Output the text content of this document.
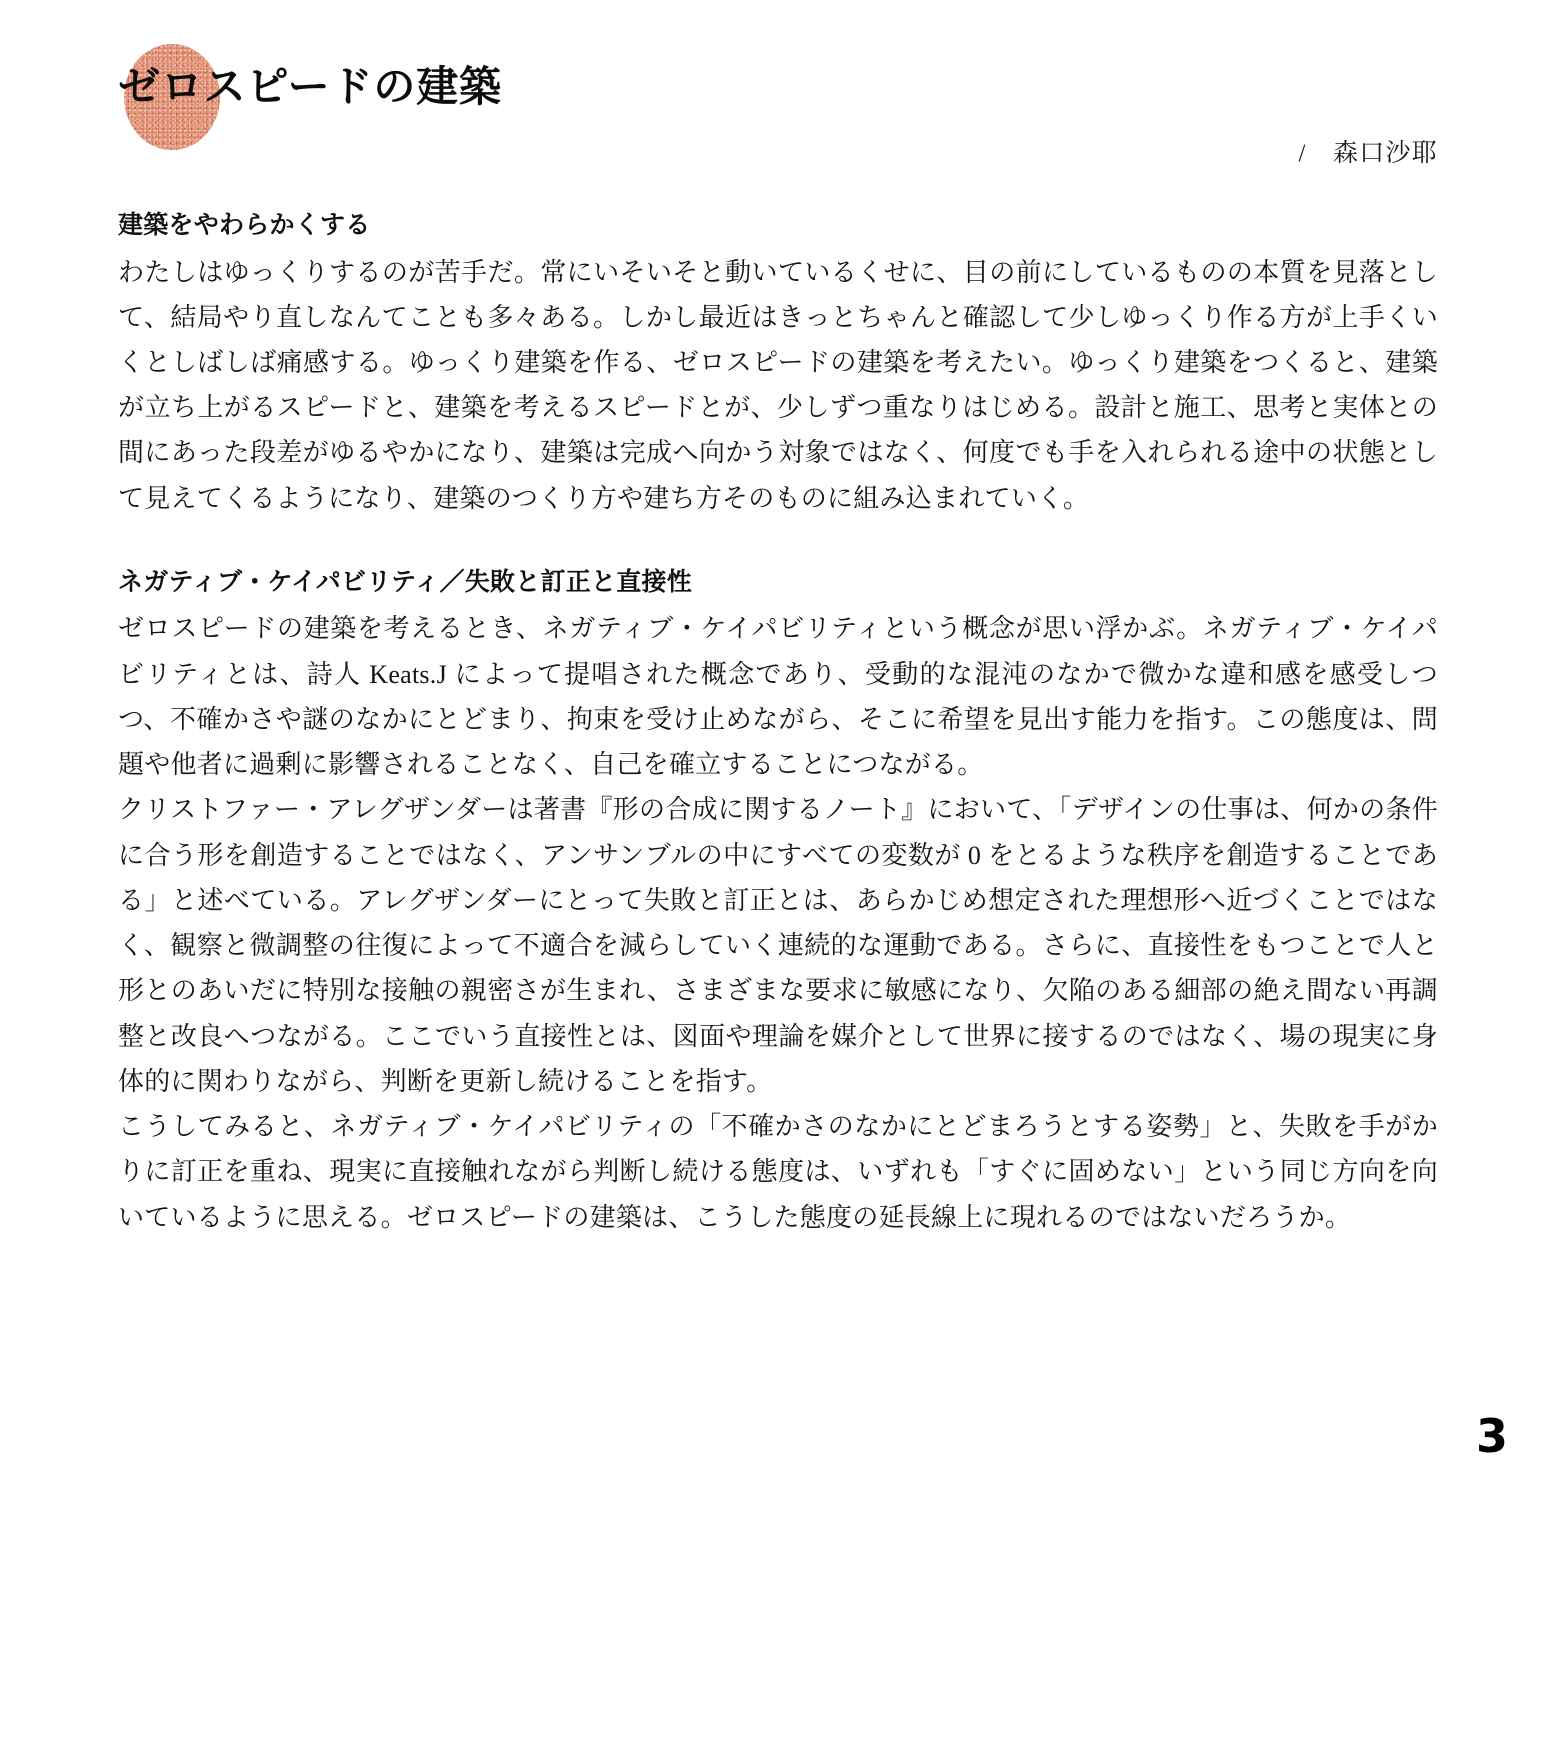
ゼロスピードの建築
/　森口沙耶
建築をやわらかくする

わたしはゆっくりするのが苦手だ。常にいそいそと動いているくせに、目の前にしているものの本質を見落として、結局やり直しなんてことも多々ある。しかし最近はきっとちゃんと確認して少しゆっくり作る方が上手くいくとしばしば痛感する。ゆっくり建築を作る、ゼロスピードの建築を考えたい。ゆっくり建築をつくると、建築が立ち上がるスピードと、建築を考えるスピードとが、少しずつ重なりはじめる。設計と施工、思考と実体との間にあった段差がゆるやかになり、建築は完成へ向かう対象ではなく、何度でも手を入れられる途中の状態として見えてくるようになり、建築のつくり方や建ち方そのものに組み込まれていく。

ネガティブ・ケイパビリティ／失敗と訂正と直接性

ゼロスピードの建築を考えるとき、ネガティブ・ケイパビリティという概念が思い浮かぶ。ネガティブ・ケイパビリティとは、詩人 Keats.J によって提唱された概念であり、受動的な混沌のなかで微かな違和感を感受しつつ、不確かさや謎のなかにとどまり、拘束を受け止めながら、そこに希望を見出す能力を指す。この態度は、問題や他者に過剰に影響されることなく、自己を確立することにつながる。

クリストファー・アレグザンダーは著書『形の合成に関するノート』において、「デザインの仕事は、何かの条件に合う形を創造することではなく、アンサンブルの中にすべての変数が 0 をとるような秩序を創造することである」と述べている。アレグザンダーにとって失敗と訂正とは、あらかじめ想定された理想形へ近づくことではなく、観察と微調整の往復によって不適合を減らしていく連続的な運動である。さらに、直接性をもつことで人と形とのあいだに特別な接触の親密さが生まれ、さまざまな要求に敏感になり、欠陥のある細部の絶え間ない再調整と改良へつながる。ここでいう直接性とは、図面や理論を媒介として世界に接するのではなく、場の現実に身体的に関わりながら、判断を更新し続けることを指す。

こうしてみると、ネガティブ・ケイパビリティの「不確かさのなかにとどまろうとする姿勢」と、失敗を手がかりに訂正を重ね、現実に直接触れながら判断し続ける態度は、いずれも「すぐに固めない」という同じ方向を向いているように思える。ゼロスピードの建築は、こうした態度の延長線上に現れるのではないだろうか。

3
